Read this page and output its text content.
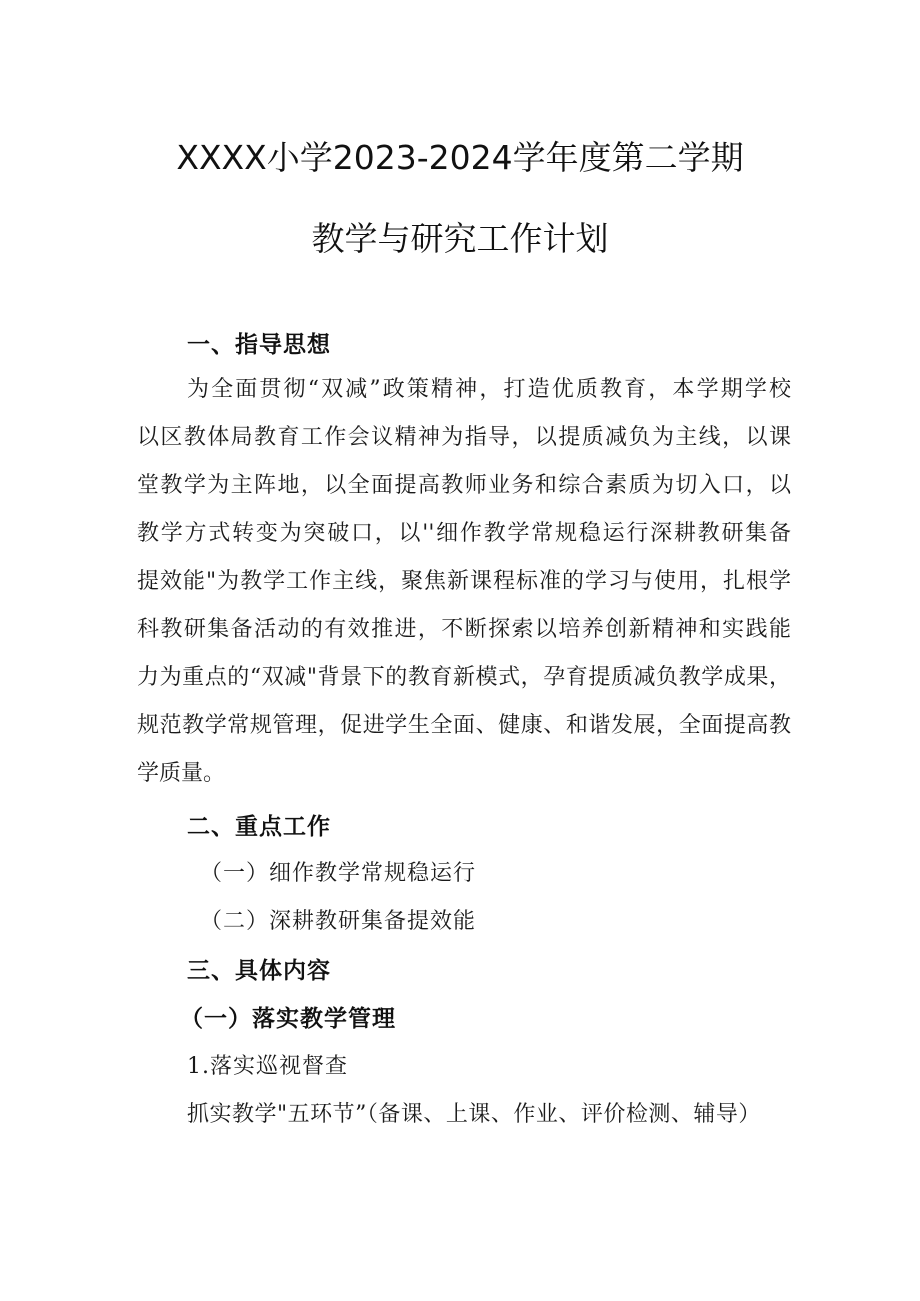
XXXX小学2023-2024学年度第二学期
教学与研究工作计划
一、指导思想
为全面贯彻“双减”政策精神，打造优质教育，本学期学校
以区教体局教育工作会议精神为指导，以提质减负为主线，以课
堂教学为主阵地，以全面提高教师业务和综合素质为切入口，以
教学方式转变为突破口，以''细作教学常规稳运行深耕教研集备
提效能"为教学工作主线，聚焦新课程标准的学习与使用，扎根学
科教研集备活动的有效推进，不断探索以培养创新精神和实践能
力为重点的“双减"背景下的教育新模式，孕育提质减负教学成果，
规范教学常规管理，促进学生全面、健康、和谐发展，全面提高教
学质量。
二、重点工作
（一）细作教学常规稳运行
（二）深耕教研集备提效能
三、具体内容
（一）落实教学管理
1.落实巡视督查
抓实教学"五环节”（备课、上课、作业、评价检测、辅导）
